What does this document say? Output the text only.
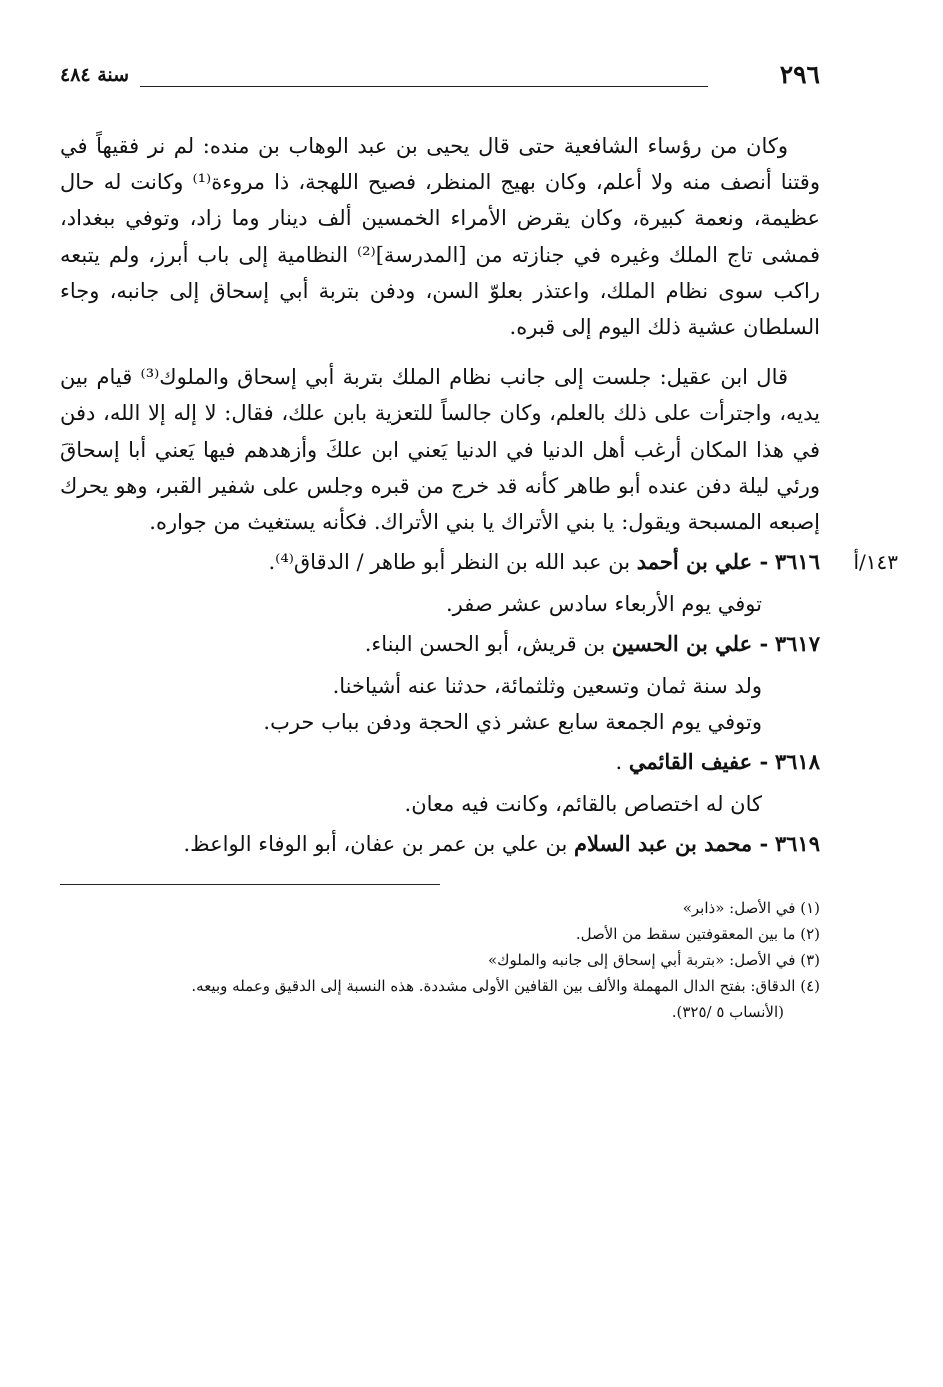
٢٩٦
سنة ٤٨٤

وكان من رؤساء الشافعية حتى قال يحيى بن عبد الوهاب بن منده: لم نر فقيهاً في وقتنا أنصف منه ولا أعلم، وكان بهيج المنظر، فصيح اللهجة، ذا مروءة⁽¹⁾ وكانت له حال عظيمة، ونعمة كبيرة، وكان يقرض الأمراء الخمسين ألف دينار وما زاد، وتوفي ببغداد، فمشى تاج الملك وغيره في جنازته من [المدرسة]⁽²⁾ النظامية إلى باب أبرز، ولم يتبعه راكب سوى نظام الملك، واعتذر بعلوّ السن، ودفن بتربة أبي إسحاق إلى جانبه، وجاء السلطان عشية ذلك اليوم إلى قبره.

قال ابن عقيل: جلست إلى جانب نظام الملك بتربة أبي إسحاق والملوك⁽³⁾ قيام بين يديه، واجترأت على ذلك بالعلم، وكان جالساً للتعزية بابن علك، فقال: لا إله إلا الله، دفن في هذا المكان أرغب أهل الدنيا في الدنيا يَعني ابن علكَ وأزهدهم فيها يَعني أبا إسحاقَ ورئي ليلة دفن عنده أبو طاهر كأنه قد خرج من قبره وجلس على شفير القبر، وهو يحرك إصبعه المسبحة ويقول: يا بني الأتراك يا بني الأتراك. فكأنه يستغيث من جواره.

١٤٣/أ
٣٦١٦ - علي بن أحمد بن عبد الله بن النظر أبو طاهر / الدقاق⁽⁴⁾.

توفي يوم الأربعاء سادس عشر صفر.

٣٦١٧ - علي بن الحسين بن قريش، أبو الحسن البناء.

ولد سنة ثمان وتسعين وثلثمائة، حدثنا عنه أشياخنا.

وتوفي يوم الجمعة سابع عشر ذي الحجة ودفن بباب حرب.

٣٦١٨ - عفيف القائمي .

كان له اختصاص بالقائم، وكانت فيه معان.

٣٦١٩ - محمد بن عبد السلام بن علي بن عمر بن عفان، أبو الوفاء الواعظ.

(١) في الأصل: «ذابر»

(٢) ما بين المعقوفتين سقط من الأصل.

(٣) في الأصل: «بتربة أبي إسحاق إلى جانبه والملوك»

(٤) الدقاق: بفتح الدال المهملة والألف بين القافين الأولى مشددة. هذه النسبة إلى الدقيق وعمله وبيعه.

(الأنساب ٥ /٣٢٥).
